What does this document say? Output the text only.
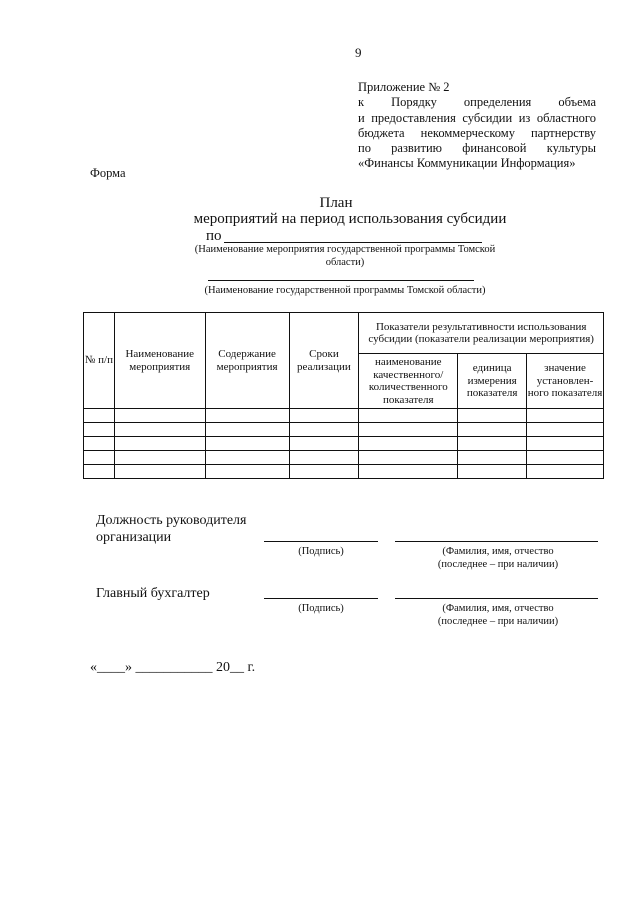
9
Приложение № 2
к Порядку определения объема
и предоставления субсидии из областного
бюджета некоммерческому партнерству
по развитию финансовой культуры
«Финансы Коммуникации Информация»
Форма
План
мероприятий на период использования субсидии
по
(Наименование мероприятия государственной программы Томской области)
(Наименование государственной программы Томской области)
№ п/п	Наименование мероприятия	Содержание мероприятия	Сроки реализации	Показатели результативности использования субсидии (показатели реализации мероприятия)		
				наименование качественного/ количественного показателя	единица измерения показателя	значение установлен-ного показателя

Должность руководителя организации
(Подпись)	(Фамилия, имя, отчество (последнее – при наличии)
Главный бухгалтер
(Подпись)	(Фамилия, имя, отчество (последнее – при наличии)
«____» ___________ 20__ г.
